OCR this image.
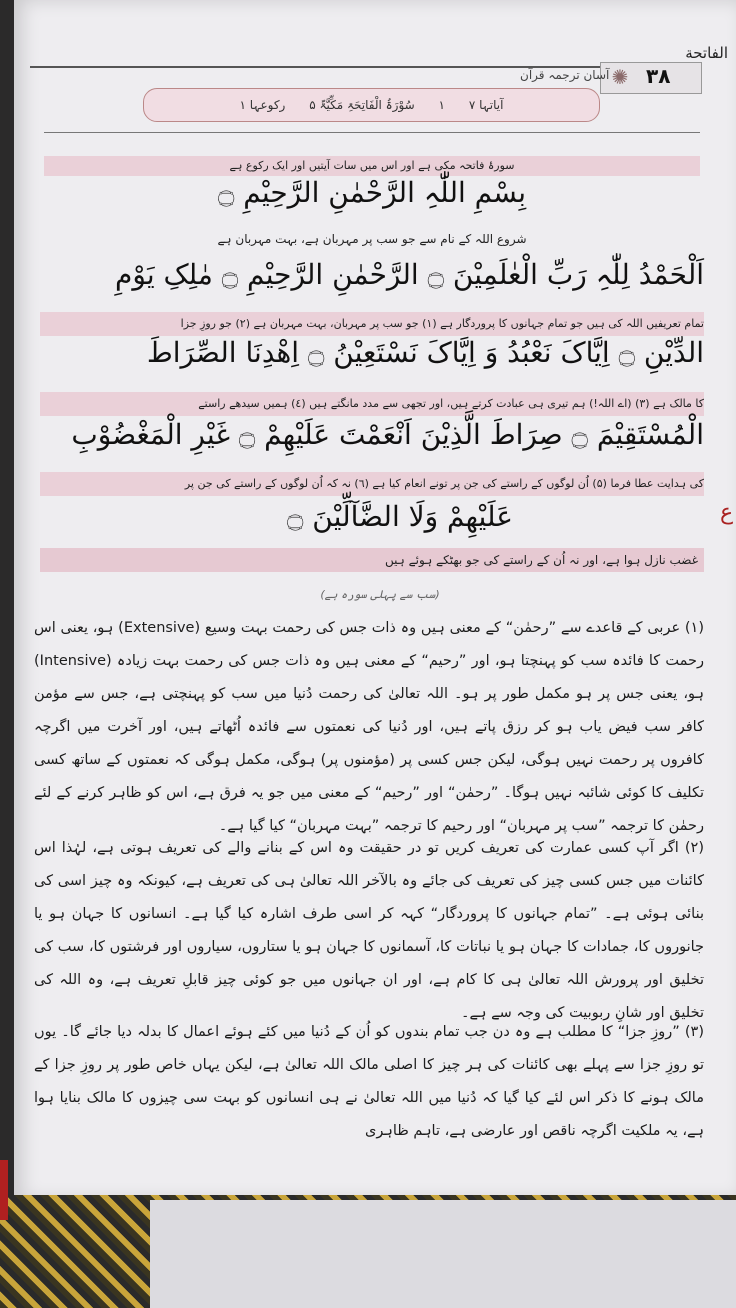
الفاتحة
٣٨
✺
آسان ترجمہ قرآن
آیاتہا ٧ ١ سُوْرَۃُ الْفَاتِحَۃِ مَکِّیَّۃٌ ۵ رکوعہا ١
سورۂ فاتحہ مکی ہے اور اس میں سات آیتیں اور ایک رکوع ہے
بِسْمِ اللّٰہِ الرَّحْمٰنِ الرَّحِیْمِ ۝
شروع اللہ کے نام سے جو سب پر مہربان ہے، بہت مہربان ہے
اَلْحَمْدُ لِلّٰہِ رَبِّ الْعٰلَمِیْنَ ۝ الرَّحْمٰنِ الرَّحِیْمِ ۝ مٰلِکِ یَوْمِ
تمام تعریفیں اللہ کی ہیں جو تمام جہانوں کا پروردگار ہے (١) جو سب پر مہربان، بہت مہربان ہے (٢) جو روزِ جزا
الدِّیْنِ ۝ اِیَّاکَ نَعْبُدُ وَ اِیَّاکَ نَسْتَعِیْنُ ۝ اِھْدِنَا الصِّرَاطَ
کا مالک ہے (٣) (اے اللہ!) ہم تیری ہی عبادت کرتے ہیں، اور تجھی سے مدد مانگتے ہیں (٤) ہمیں سیدھے راستے
الْمُسْتَقِیْمَ ۝ صِرَاطَ الَّذِیْنَ اَنْعَمْتَ عَلَیْھِمْ ۝ غَیْرِ الْمَغْضُوْبِ
کی ہدایت عطا فرما (۵) اُن لوگوں کے راستے کی جن پر تونے انعام کیا ہے (٦) نہ کہ اُن لوگوں کے راستے کی جن پر
عَلَیْھِمْ وَلَا الضَّآلِّیْنَ ۝	ع
غضب نازل ہوا ہے، اور نہ اُن کے راستے کی جو بھٹکے ہوئے ہیں
(سب سے پہلی سورہ ہے)
(١) عربی کے قاعدے سے ”رحمٰن“ کے معنی ہیں وہ ذات جس کی رحمت بہت وسیع (Extensive) ہو، یعنی اس رحمت کا فائدہ سب کو پہنچتا ہو، اور ”رحیم“ کے معنی ہیں وہ ذات جس کی رحمت بہت زیادہ (Intensive) ہو، یعنی جس پر ہو مکمل طور پر ہو۔ اللہ تعالیٰ کی رحمت دُنیا میں سب کو پہنچتی ہے، جس سے مؤمن کافر سب فیض یاب ہو کر رزق پاتے ہیں، اور دُنیا کی نعمتوں سے فائدہ اُٹھاتے ہیں، اور آخرت میں اگرچہ کافروں پر رحمت نہیں ہوگی، لیکن جس کسی پر (مؤمنوں پر) ہوگی، مکمل ہوگی کہ نعمتوں کے ساتھ کسی تکلیف کا کوئی شائبہ نہیں ہوگا۔ ”رحمٰن“ اور ”رحیم“ کے معنی میں جو یہ فرق ہے، اس کو ظاہر کرنے کے لئے رحمٰن کا ترجمہ ”سب پر مہربان“ اور رحیم کا ترجمہ ”بہت مہربان“ کیا گیا ہے۔
(٢) اگر آپ کسی عمارت کی تعریف کریں تو در حقیقت وہ اس کے بنانے والے کی تعریف ہوتی ہے، لہٰذا اس کائنات میں جس کسی چیز کی تعریف کی جائے وہ بالآخر اللہ تعالیٰ ہی کی تعریف ہے، کیونکہ وہ چیز اسی کی بنائی ہوئی ہے۔ ”تمام جہانوں کا پروردگار“ کہہ کر اسی طرف اشارہ کیا گیا ہے۔ انسانوں کا جہان ہو یا جانوروں کا، جمادات کا جہان ہو یا نباتات کا، آسمانوں کا جہان ہو یا ستاروں، سیاروں اور فرشتوں کا، سب کی تخلیق اور پرورش اللہ تعالیٰ ہی کا کام ہے، اور ان جہانوں میں جو کوئی چیز قابلِ تعریف ہے، وہ اللہ کی تخلیق اور شانِ ربوبیت کی وجہ سے ہے۔
(٣) ”روزِ جزا“ کا مطلب ہے وہ دن جب تمام بندوں کو اُن کے دُنیا میں کئے ہوئے اعمال کا بدلہ دیا جائے گا۔ یوں تو روزِ جزا سے پہلے بھی کائنات کی ہر چیز کا اصلی مالک اللہ تعالیٰ ہے، لیکن یہاں خاص طور پر روزِ جزا کے مالک ہونے کا ذکر اس لئے کیا گیا کہ دُنیا میں اللہ تعالیٰ نے ہی انسانوں کو بہت سی چیزوں کا مالک بنایا ہوا ہے، یہ ملکیت اگرچہ ناقص اور عارضی ہے، تاہم ظاہری
